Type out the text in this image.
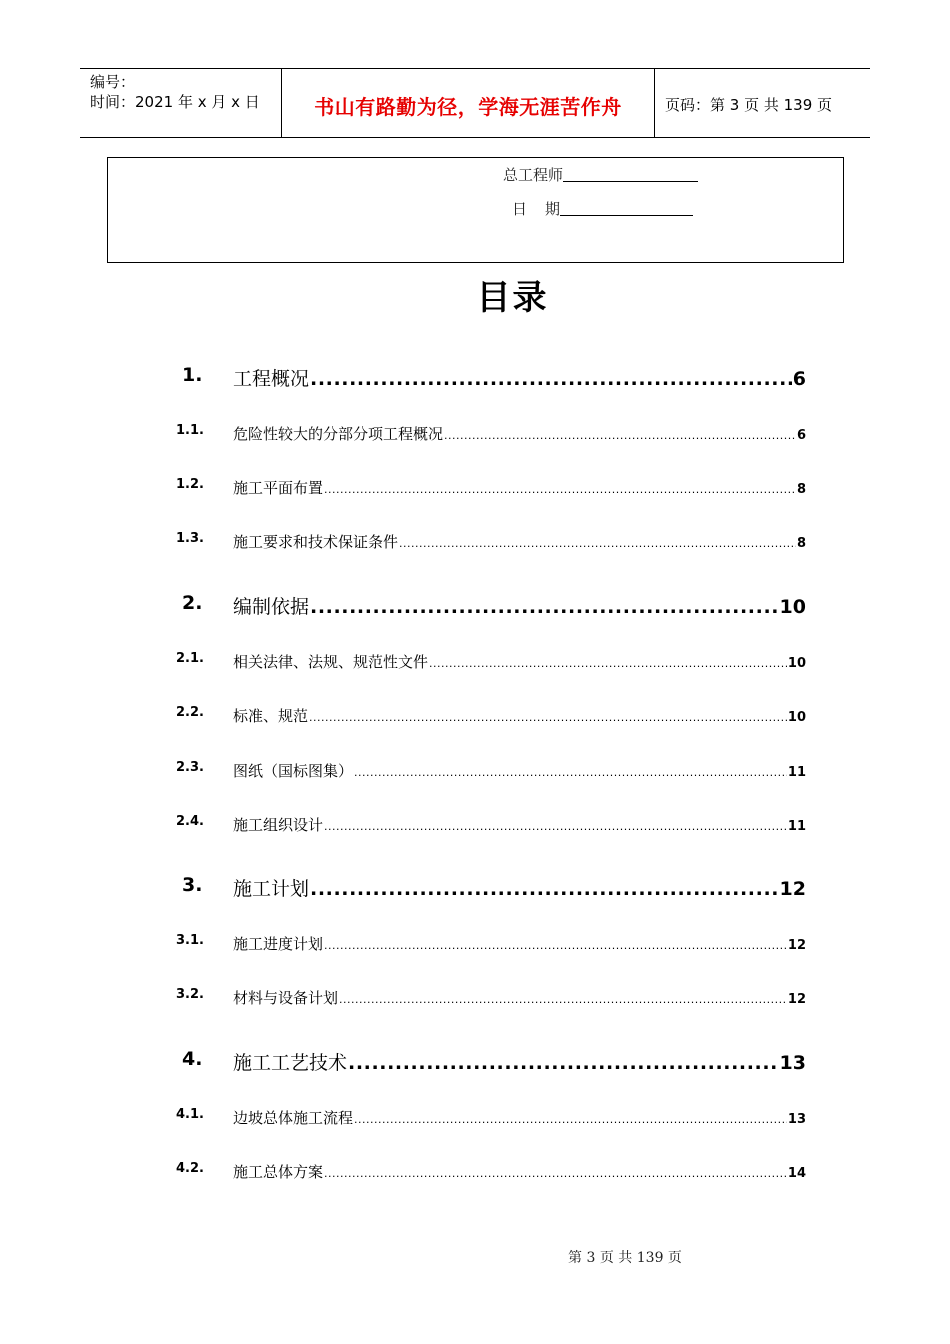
编号：
时间：2021 年 x 月 x 日	书山有路勤为径，学海无涯苦作舟	页码：第 3 页 共 139 页
总工程师
日 期
目录
1. 工程概况 .....	6
1.1. 危险性较大的分部分项工程概况 .....	6
1.2. 施工平面布置 .....	8
1.3. 施工要求和技术保证条件 .....	8
2. 编制依据 .....	10
2.1. 相关法律、法规、规范性文件 .....	10
2.2. 标准、规范 .....	10
2.3. 图纸（国标图集） .....	11
2.4. 施工组织设计 .....	11
3. 施工计划 .....	12
3.1. 施工进度计划 .....	12
3.2. 材料与设备计划 .....	12
4. 施工工艺技术 .....	13
4.1. 边坡总体施工流程 .....	13
4.2. 施工总体方案 .....	14
第 3 页 共 139 页
